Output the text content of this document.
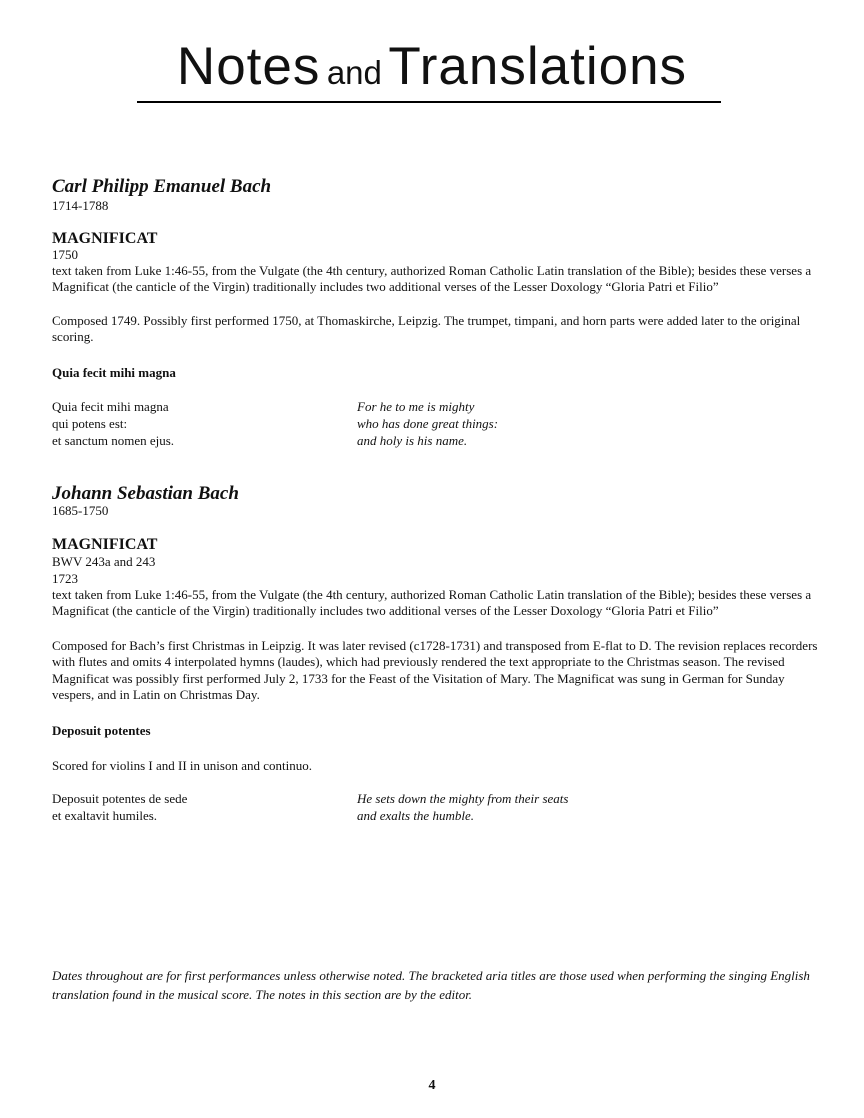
Notes and Translations
Carl Philipp Emanuel Bach
1714-1788
MAGNIFICAT
1750
text taken from Luke 1:46-55, from the Vulgate (the 4th century, authorized Roman Catholic Latin translation of the Bible); besides these verses a Magnificat (the canticle of the Virgin) traditionally includes two additional verses of the Lesser Doxology “Gloria Patri et Filio”
Composed 1749. Possibly first performed 1750, at Thomaskirche, Leipzig. The trumpet, timpani, and horn parts were added later to the original scoring.
Quia fecit mihi magna
Quia fecit mihi magna
qui potens est:
et sanctum nomen ejus.
For he to me is mighty
who has done great things:
and holy is his name.
Johann Sebastian Bach
1685-1750
MAGNIFICAT
BWV 243a and 243
1723
text taken from Luke 1:46-55, from the Vulgate (the 4th century, authorized Roman Catholic Latin translation of the Bible); besides these verses a Magnificat (the canticle of the Virgin) traditionally includes two additional verses of the Lesser Doxology “Gloria Patri et Filio”
Composed for Bach’s first Christmas in Leipzig. It was later revised (c1728-1731) and transposed from E-flat to D. The revision replaces recorders with flutes and omits 4 interpolated hymns (laudes), which had previously rendered the text appropriate to the Christmas season. The revised Magnificat was possibly first performed July 2, 1733 for the Feast of the Visitation of Mary. The Magnificat was sung in German for Sunday vespers, and in Latin on Christmas Day.
Deposuit potentes
Scored for violins I and II in unison and continuo.
Deposuit potentes de sede
et exaltavit humiles.
He sets down the mighty from their seats
and exalts the humble.
Dates throughout are for first performances unless otherwise noted. The bracketed aria titles are those used when performing the singing English translation found in the musical score. The notes in this section are by the editor.
4
